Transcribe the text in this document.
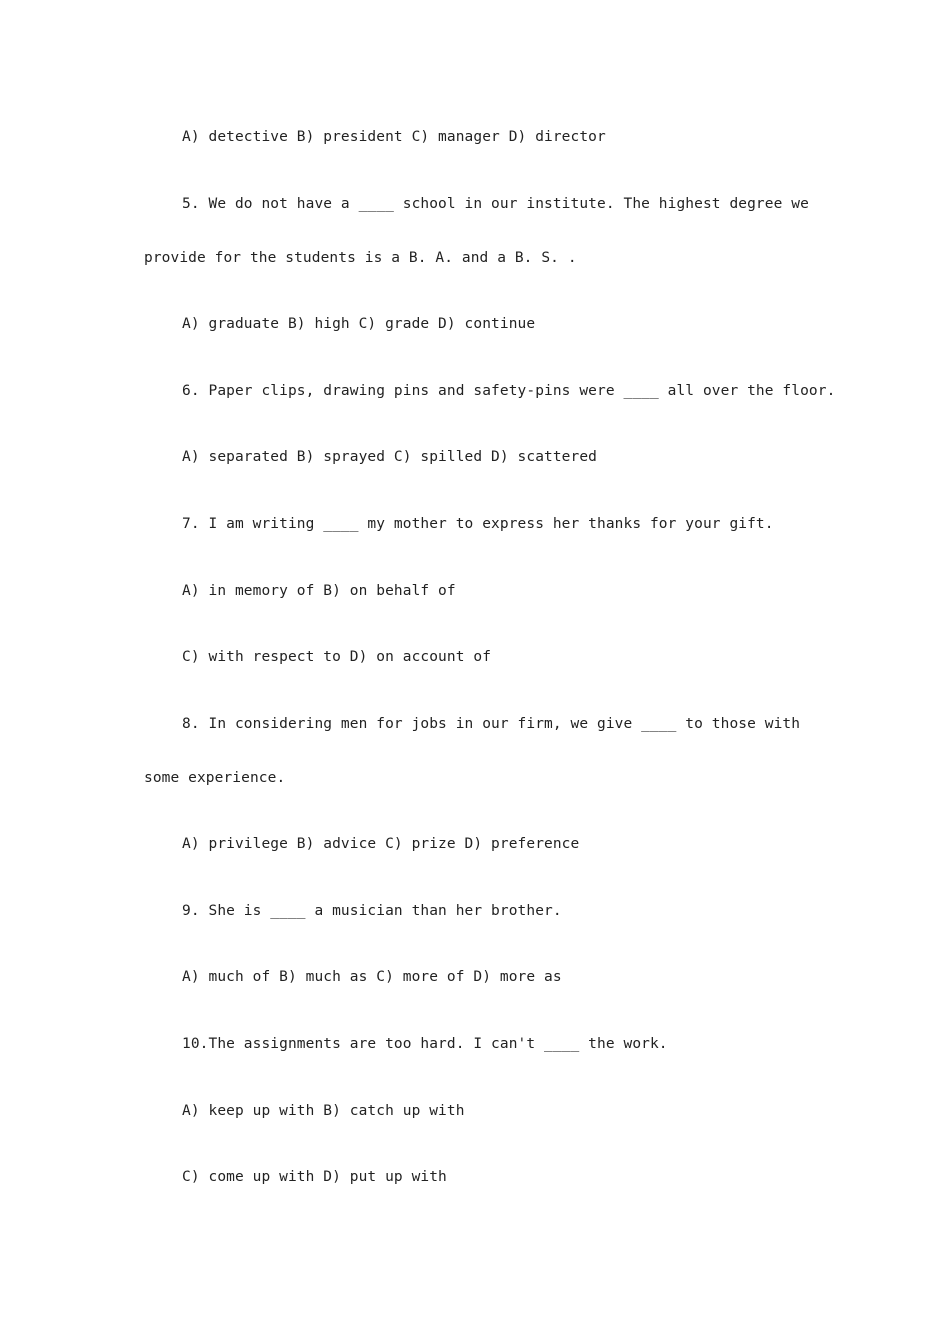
A) detective B) president C) manager D) director
5. We do not have a ____ school in our institute. The highest degree we
provide for the students is a B. A. and a B. S. .
A) graduate B) high C) grade D) continue
6. Paper clips, drawing pins and safety-pins were ____ all over the floor.
A) separated B) sprayed C) spilled D) scattered
7. I am writing ____ my mother to express her thanks for your gift.
A) in memory of B) on behalf of
C) with respect to D) on account of
8. In considering men for jobs in our firm, we give ____ to those with
some experience.
A) privilege B) advice C) prize D) preference
9. She is ____ a musician than her brother.
A) much of B) much as C) more of D) more as
10.The assignments are too hard. I can't ____ the work.
A) keep up with B) catch up with
C) come up with D) put up with
